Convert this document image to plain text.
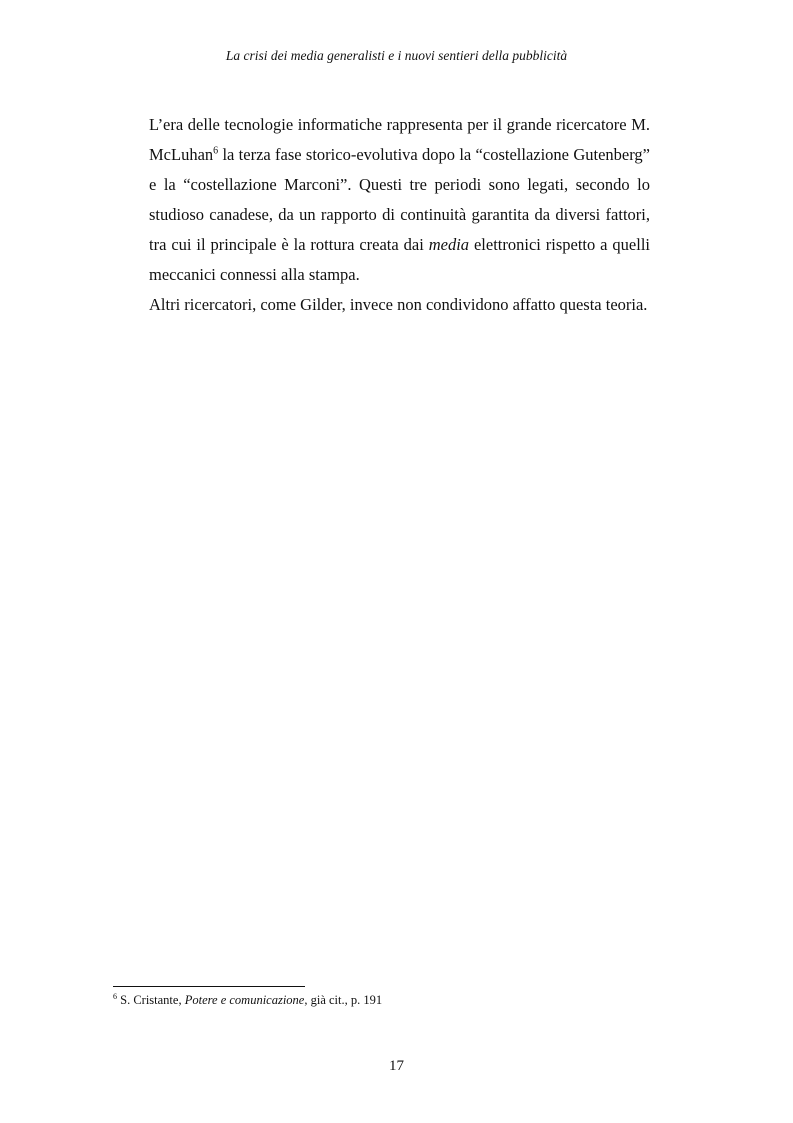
La crisi dei media generalisti e i nuovi sentieri della pubblicità

L’era delle tecnologie informatiche rappresenta per il grande ricercatore M. McLuhan$^6$ la terza fase storico-evolutiva dopo la “costellazione Gutenberg” e la “costellazione Marconi”. Questi tre periodi sono legati, secondo lo studioso canadese, da un rapporto di continuità garantita da diversi fattori, tra cui il principale è la rottura creata dai media elettronici rispetto a quelli meccanici connessi alla stampa.

Altri ricercatori, come Gilder, invece non condividono affatto questa teoria.

$^6$ S. Cristante, Potere e comunicazione, già cit., p. 191
17
